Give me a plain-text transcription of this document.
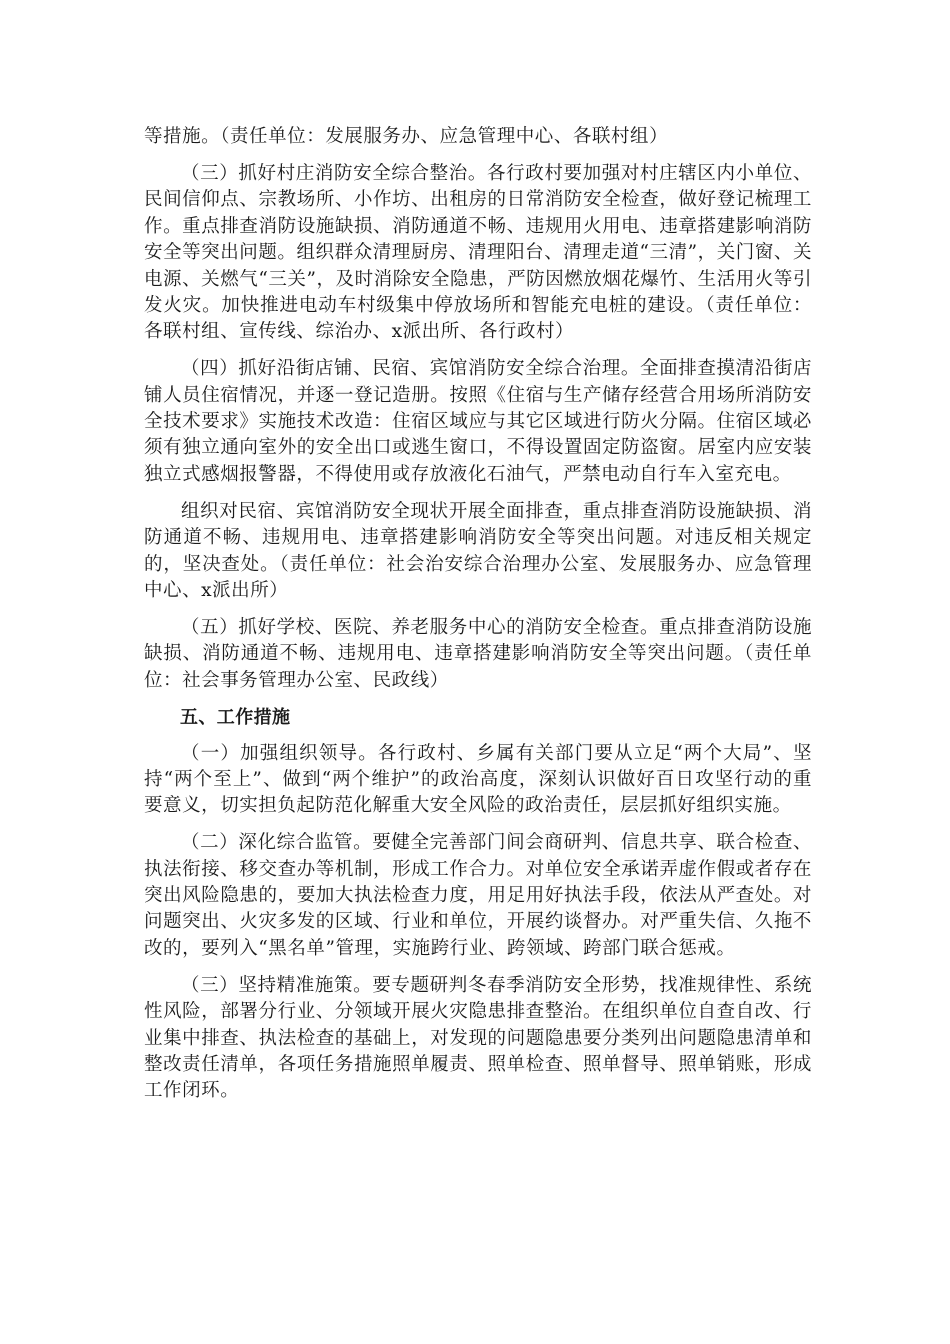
等措施。（责任单位：发展服务办、应急管理中心、各联村组）

（三）抓好村庄消防安全综合整治。各行政村要加强对村庄辖区内小单位、民间信仰点、宗教场所、小作坊、出租房的日常消防安全检查，做好登记梳理工作。重点排查消防设施缺损、消防通道不畅、违规用火用电、违章搭建影响消防安全等突出问题。组织群众清理厨房、清理阳台、清理走道“三清”，关门窗、关电源、关燃气“三关”，及时消除安全隐患，严防因燃放烟花爆竹、生活用火等引发火灾。加快推进电动车村级集中停放场所和智能充电桩的建设。（责任单位：各联村组、宣传线、综治办、x派出所、各行政村）

（四）抓好沿街店铺、民宿、宾馆消防安全综合治理。全面排查摸清沿街店铺人员住宿情况，并逐一登记造册。按照《住宿与生产储存经营合用场所消防安全技术要求》实施技术改造：住宿区域应与其它区域进行防火分隔。住宿区域必须有独立通向室外的安全出口或逃生窗口，不得设置固定防盗窗。居室内应安装独立式感烟报警器，不得使用或存放液化石油气，严禁电动自行车入室充电。

组织对民宿、宾馆消防安全现状开展全面排查，重点排查消防设施缺损、消防通道不畅、违规用电、违章搭建影响消防安全等突出问题。对违反相关规定的，坚决查处。（责任单位：社会治安综合治理办公室、发展服务办、应急管理中心、x派出所）

（五）抓好学校、医院、养老服务中心的消防安全检查。重点排查消防设施缺损、消防通道不畅、违规用电、违章搭建影响消防安全等突出问题。（责任单位：社会事务管理办公室、民政线）

五、工作措施

（一）加强组织领导。各行政村、乡属有关部门要从立足“两个大局”、坚持“两个至上”、做到“两个维护”的政治高度，深刻认识做好百日攻坚行动的重要意义，切实担负起防范化解重大安全风险的政治责任，层层抓好组织实施。

（二）深化综合监管。要健全完善部门间会商研判、信息共享、联合检查、执法衔接、移交查办等机制，形成工作合力。对单位安全承诺弄虚作假或者存在突出风险隐患的，要加大执法检查力度，用足用好执法手段，依法从严查处。对问题突出、火灾多发的区域、行业和单位，开展约谈督办。对严重失信、久拖不改的，要列入“黑名单”管理，实施跨行业、跨领域、跨部门联合惩戒。

（三）坚持精准施策。要专题研判冬春季消防安全形势，找准规律性、系统性风险，部署分行业、分领域开展火灾隐患排查整治。在组织单位自查自改、行业集中排查、执法检查的基础上，对发现的问题隐患要分类列出问题隐患清单和整改责任清单，各项任务措施照单履责、照单检查、照单督导、照单销账，形成工作闭环。
